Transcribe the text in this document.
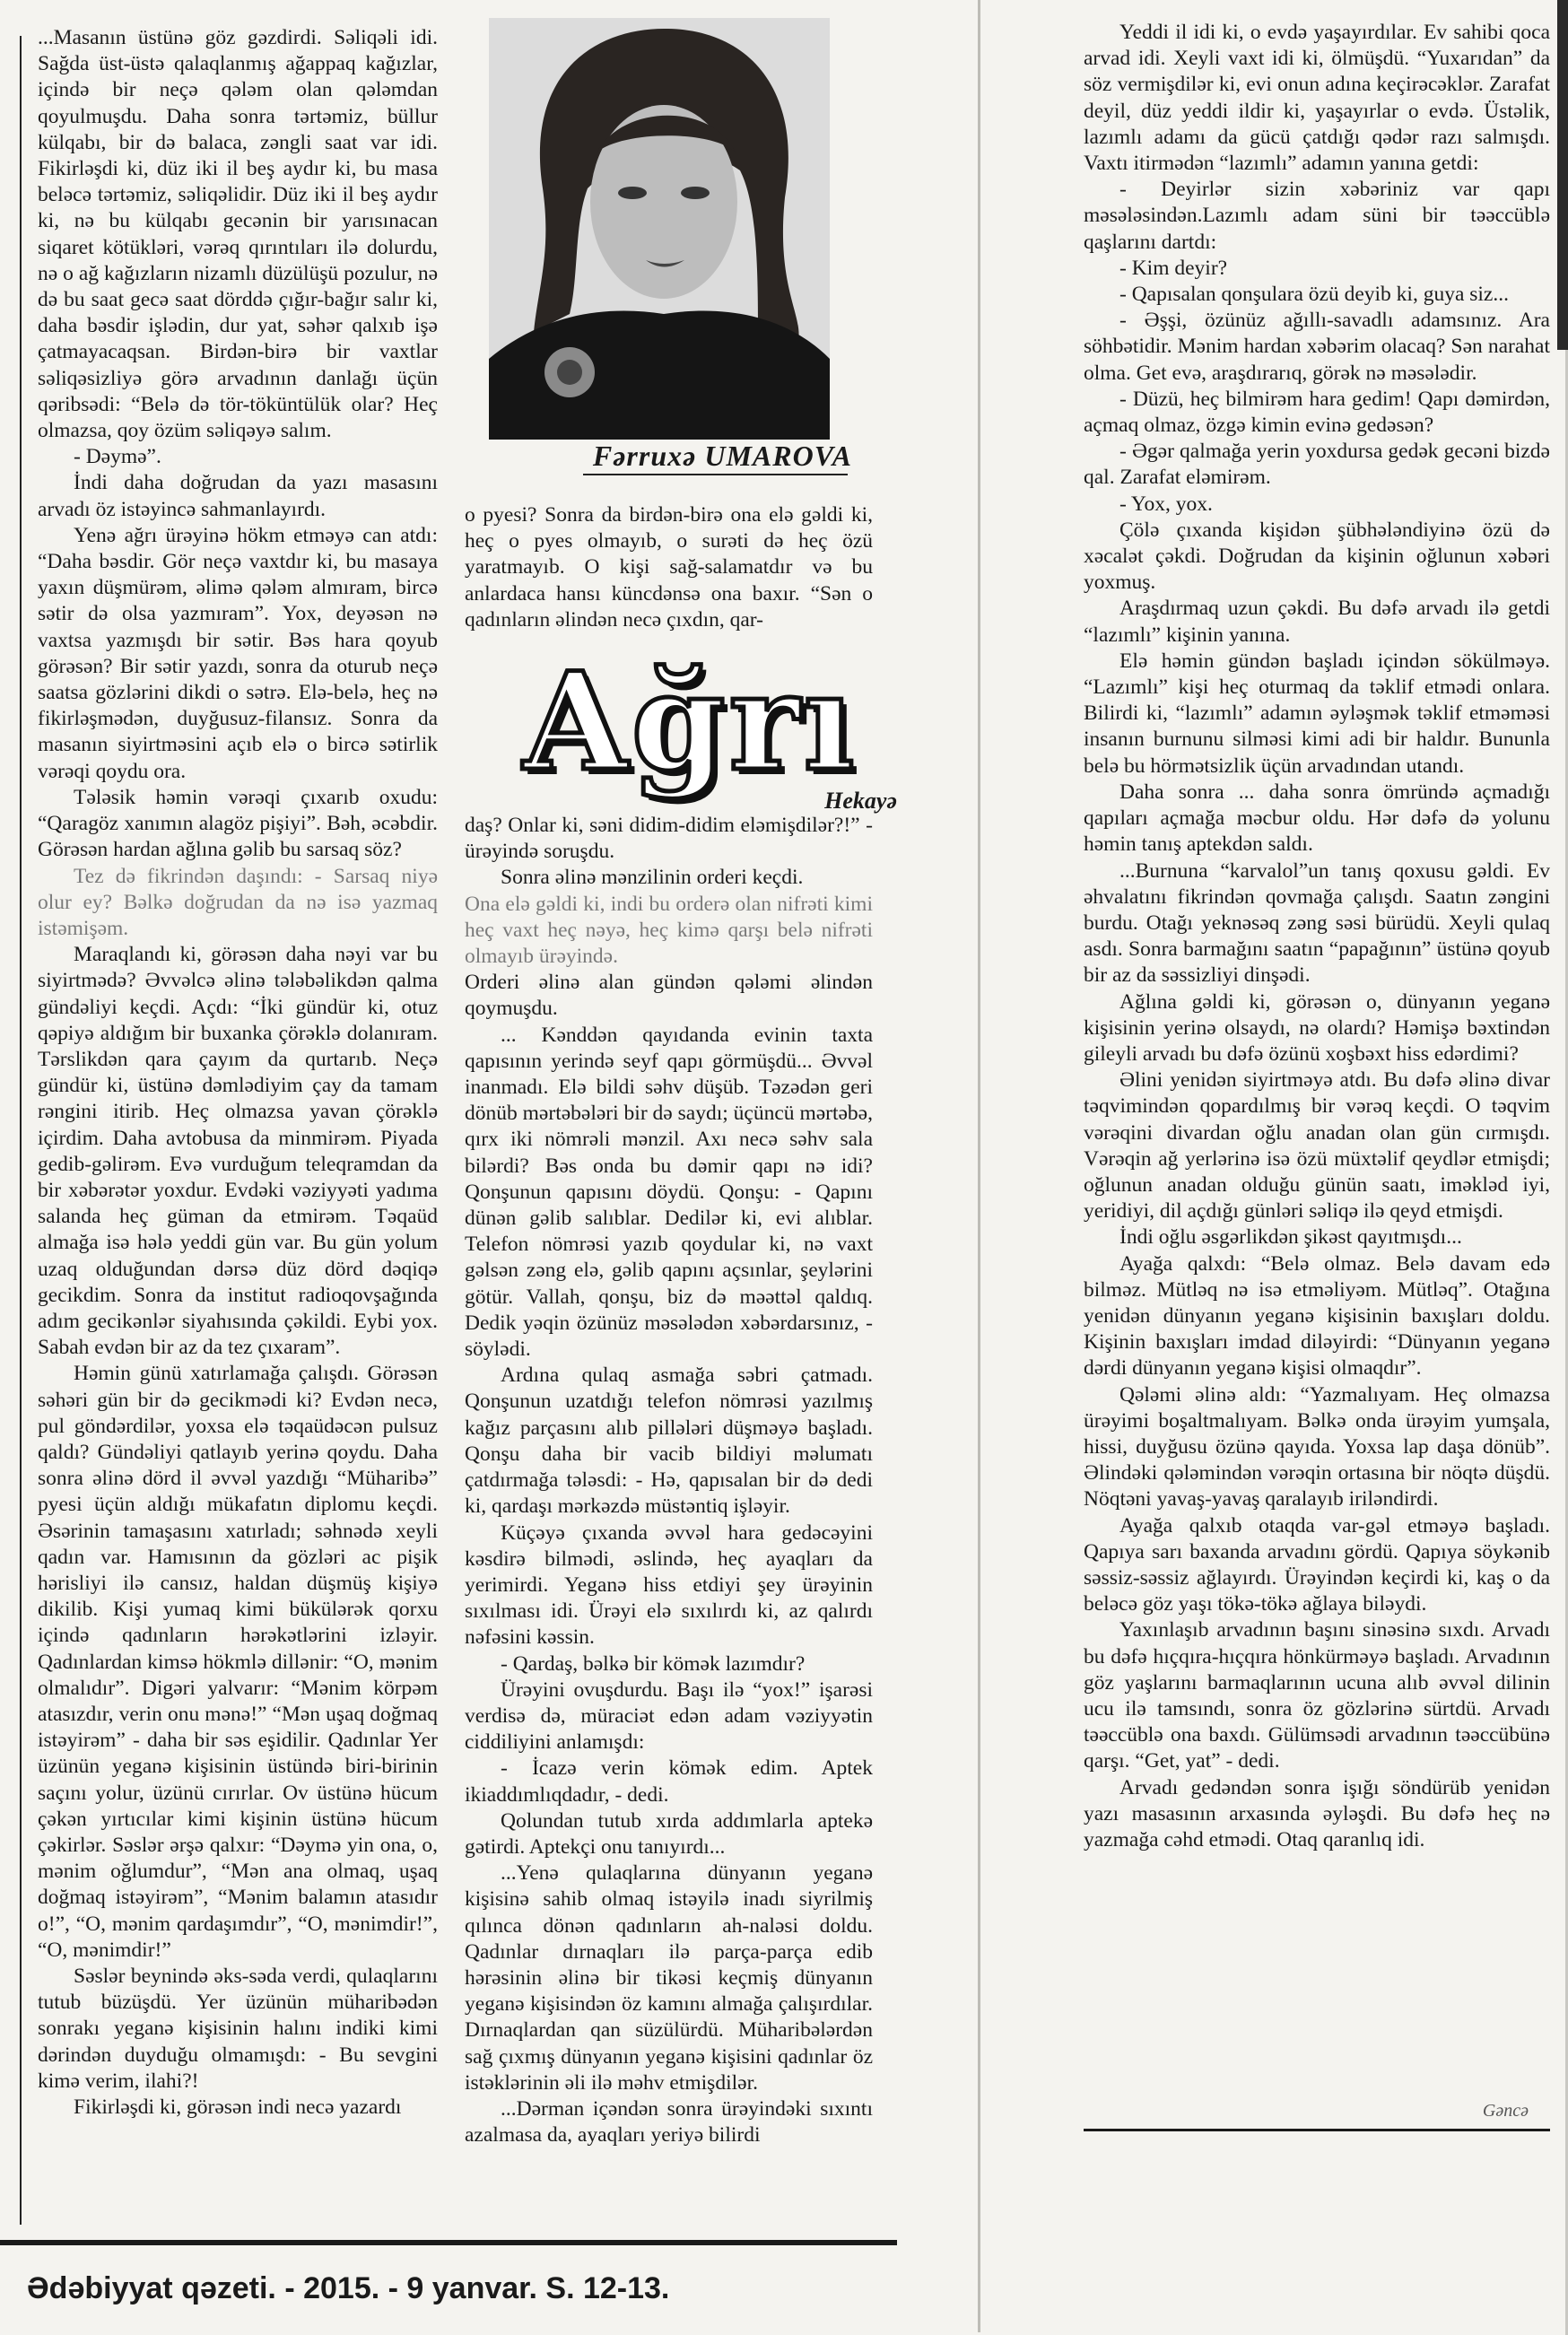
Fərruxə UMAROVA
Ağrı
Hekayə

...Masanın üstünə göz gəzdirdi. Səliqəli idi. Sağda üst-üstə qalaqlanmış ağappaq kağızlar, içində bir neçə qələm olan qələmdan qoyulmuşdu. Daha sonra tərtəmiz, büllur külqabı, bir də balaca, zəngli saat var idi. Fikirləşdi ki, düz iki il beş aydır ki, bu masa beləcə tərtəmiz, səliqəlidir. Düz iki il beş aydır ki, nə bu külqabı gecənin bir yarısınacan siqaret kötükləri, vərəq qırıntıları ilə dolurdu, nə o ağ kağızların nizamlı düzülüşü pozulur, nə də bu saat gecə saat dörddə çığır-bağır salır ki, daha bəsdir işlədin, dur yat, səhər qalxıb işə çatmayacaqsan. Birdən-birə bir vaxtlar səliqəsizliyə görə arvadının danlağı üçün qəribsədi: “Belə də tör-töküntülük olar? Heç olmazsa, qoy özüm səliqəyə salım.

- Dəymə”.

İndi daha doğrudan da yazı masasını arvadı öz istəyincə sahmanlayırdı.

Yenə ağrı ürəyinə hökm etməyə can atdı: “Daha bəsdir. Gör neçə vaxtdır ki, bu masaya yaxın düşmürəm, əlimə qələm almıram, bircə sətir də olsa yazmıram”. Yox, deyəsən nə vaxtsa yazmışdı bir sətir. Bəs hara qoyub görəsən? Bir sətir yazdı, sonra da oturub neçə saatsa gözlərini dikdi o sətrə. Elə-belə, heç nə fikirləşmədən, duyğusuz-filansız. Sonra da masanın siyirtməsini açıb elə o bircə sətirlik vərəqi qoydu ora.

Tələsik həmin vərəqi çıxarıb oxudu: “Qaragöz xanımın alagöz pişiyi”. Bəh, əcəbdir. Görəsən hardan ağlına gəlib bu sarsaq söz?

Tez də fikrindən daşındı: - Sarsaq niyə olur ey? Bəlkə doğrudan da nə isə yazmaq istəmişəm.

Maraqlandı ki, görəsən daha nəyi var bu siyirtmədə? Əvvəlcə əlinə tələbəlikdən qalma gündəliyi keçdi. Açdı: “İki gündür ki, otuz qəpiyə aldığım bir buxanka çörəklə dolanıram. Tərslikdən qara çayım da qurtarıb. Neçə gündür ki, üstünə dəmlədiyim çay da tamam rəngini itirib. Heç olmazsa yavan çörəklə içirdim. Daha avtobusa da minmirəm. Piyada gedib-gəlirəm. Evə vurduğum teleqramdan da bir xəbərətər yoxdur. Evdəki vəziyyəti yadıma salanda heç güman da etmirəm. Təqaüd almağa isə hələ yeddi gün var. Bu gün yolum uzaq olduğundan dərsə düz dörd dəqiqə gecikdim. Sonra da institut radioqovşağında adım gecikənlər siyahısında çəkildi. Eybi yox. Sabah evdən bir az da tez çıxaram”.

Həmin günü xatırlamağa çalışdı. Görəsən səhəri gün bir də gecikmədi ki? Evdən necə, pul göndərdilər, yoxsa elə təqaüdəcən pulsuz qaldı? Gündəliyi qatlayıb yerinə qoydu. Daha sonra əlinə dörd il əvvəl yazdığı “Müharibə” pyesi üçün aldığı mükafatın diplomu keçdi. Əsərinin tamaşasını xatırladı; səhnədə xeyli qadın var. Hamısının da gözləri ac pişik hərisliyi ilə cansız, haldan düşmüş kişiyə dikilib. Kişi yumaq kimi bükülərək qorxu içində qadınların hərəkətlərini izləyir. Qadınlardan kimsə hökmlə dillənir: “O, mənim olmalıdır”. Digəri yalvarır: “Mənim körpəm atasızdır, verin onu mənə!” “Mən uşaq doğmaq istəyirəm” - daha bir səs eşidilir. Qadınlar Yer üzünün yeganə kişisinin üstündə biri-birinin saçını yolur, üzünü cırırlar. Ov üstünə hücum çəkən yırtıcılar kimi kişinin üstünə hücum çəkirlər. Səslər ərşə qalxır: “Dəymə yin ona, o, mənim oğlumdur”, “Mən ana olmaq, uşaq doğmaq istəyirəm”, “Mənim balamın atasıdır o!”, “O, mənim qardaşımdır”, “O, mənimdir!”, “O, mənimdir!”

Səslər beynində əks-səda verdi, qulaqlarını tutub büzüşdü. Yer üzünün müharibədən sonrakı yeganə kişisinin halını indiki kimi dərindən duyduğu olmamışdı: - Bu sevgini kimə verim, ilahi?!

Fikirləşdi ki, görəsən indi necə yazardı

o pyesi? Sonra da birdən-birə ona elə gəldi ki, heç o pyes olmayıb, o surəti də heç özü yaratmayıb. O kişi sağ-salamatdır və bu anlardaca hansı küncdənsə ona baxır. “Sən o qadınların əlindən necə çıxdın, qar-

daş? Onlar ki, səni didim-didim eləmişdilər?!” - ürəyində soruşdu.

Sonra əlinə mənzilinin orderi keçdi.

Ona elə gəldi ki, indi bu orderə olan nifrəti kimi heç vaxt heç nəyə, heç kimə qarşı belə nifrəti olmayıb ürəyində.

Orderi əlinə alan gündən qələmi əlindən qoymuşdu.

... Kənddən qayıdanda evinin taxta qapısının yerində seyf qapı görmüşdü... Əvvəl inanmadı. Elə bildi səhv düşüb. Təzədən geri dönüb mərtəbələri bir də saydı; üçüncü mərtəbə, qırx iki nömrəli mənzil. Axı necə səhv sala bilərdi? Bəs onda bu dəmir qapı nə idi? Qonşunun qapısını döydü. Qonşu: - Qapını dünən gəlib salıblar. Dedilər ki, evi alıblar. Telefon nömrəsi yazıb qoydular ki, nə vaxt gəlsən zəng elə, gəlib qapını açsınlar, şeylərini götür. Vallah, qonşu, biz də məəttəl qaldıq. Dedik yəqin özünüz məsələdən xəbərdarsınız, - söylədi.

Ardına qulaq asmağa səbri çatmadı. Qonşunun uzatdığı telefon nömrəsi yazılmış kağız parçasını alıb pillələri düşməyə başladı. Qonşu daha bir vacib bildiyi məlumatı çatdırmağa tələsdi: - Hə, qapısalan bir də dedi ki, qardaşı mərkəzdə müstəntiq işləyir.

Küçəyə çıxanda əvvəl hara gedəcəyini kəsdirə bilmədi, əslində, heç ayaqları da yerimirdi. Yeganə hiss etdiyi şey ürəyinin sıxılması idi. Ürəyi elə sıxılırdı ki, az qalırdı nəfəsini kəssin.

- Qardaş, bəlkə bir kömək lazımdır?

Ürəyini ovuşdurdu. Başı ilə “yox!” işarəsi verdisə də, müraciət edən adam vəziyyətin ciddiliyini anlamışdı:

- İcazə verin kömək edim. Aptek ikiaddımlıqdadır, - dedi.

Qolundan tutub xırda addımlarla aptekə gətirdi. Aptekçi onu tanıyırdı...

...Yenə qulaqlarına dünyanın yeganə kişisinə sahib olmaq istəyilə inadı siyrilmiş qılınca dönən qadınların ah-naləsi doldu. Qadınlar dırnaqları ilə parça-parça edib hərəsinin əlinə bir tikəsi keçmiş dünyanın yeganə kişisindən öz kamını almağa çalışırdılar. Dırnaqlardan qan süzülürdü. Müharibələrdən sağ çıxmış dünyanın yeganə kişisini qadınlar öz istəklərinin əli ilə məhv etmişdilər.

...Dərman içəndən sonra ürəyindəki sıxıntı azalmasa da, ayaqları yeriyə bilirdi

Yeddi il idi ki, o evdə yaşayırdılar. Ev sahibi qoca arvad idi. Xeyli vaxt idi ki, ölmüşdü. “Yuxarıdan” da söz vermişdilər ki, evi onun adına keçirəcəklər. Zarafat deyil, düz yeddi ildir ki, yaşayırlar o evdə. Üstəlik, lazımlı adamı da gücü çatdığı qədər razı salmışdı. Vaxtı itirmədən “lazımlı” adamın yanına getdi:

- Deyirlər sizin xəbəriniz var qapı məsələsindən.Lazımlı adam süni bir təəccüblə qaşlarını dartdı:

- Kim deyir?

- Qapısalan qonşulara özü deyib ki, guya siz...

- Əşşi, özünüz ağıllı-savadlı adamsınız. Ara söhbətidir. Mənim hardan xəbərim olacaq? Sən narahat olma. Get evə, araşdırarıq, görək nə məsələdir.

- Düzü, heç bilmirəm hara gedim! Qapı dəmirdən, açmaq olmaz, özgə kimin evinə gedəsən?

- Əgər qalmağa yerin yoxdursa gedək gecəni bizdə qal. Zarafat eləmirəm.

- Yox, yox.

Çölə çıxanda kişidən şübhələndiyinə özü də xəcalət çəkdi. Doğrudan da kişinin oğlunun xəbəri yoxmuş.

Araşdırmaq uzun çəkdi. Bu dəfə arvadı ilə getdi “lazımlı” kişinin yanına.

Elə həmin gündən başladı içindən sökülməyə. “Lazımlı” kişi heç oturmaq da təklif etmədi onlara. Bilirdi ki, “lazımlı” adamın əyləşmək təklif etməməsi insanın burnunu silməsi kimi adi bir haldır. Bununla belə bu hörmətsizlik üçün arvadından utandı.

Daha sonra ... daha sonra ömründə açmadığı qapıları açmağa məcbur oldu. Hər dəfə də yolunu həmin tanış aptekdən saldı.

...Burnuna “karvalol”un tanış qoxusu gəldi. Ev əhvalatını fikrindən qovmağa çalışdı. Saatın zəngini burdu. Otağı yeknəsəq zəng səsi bürüdü. Xeyli qulaq asdı. Sonra barmağını saatın “papağının” üstünə qoyub bir az da səssizliyi dinşədi.

Ağlına gəldi ki, görəsən o, dünyanın yeganə kişisinin yerinə olsaydı, nə olardı? Həmişə bəxtindən gileyli arvadı bu dəfə özünü xoşbəxt hiss edərdimi?

Əlini yenidən siyirtməyə atdı. Bu dəfə əlinə divar təqvimindən qopardılmış bir vərəq keçdi. O təqvim vərəqini divardan oğlu anadan olan gün cırmışdı. Vərəqin ağ yerlərinə isə özü müxtəlif qeydlər etmişdi; oğlunun anadan olduğu günün saatı, iməkləd iyi, yeridiyi, dil açdığı günləri səliqə ilə qeyd etmişdi.

İndi oğlu əsgərlikdən şikəst qayıtmışdı...

Ayağa qalxdı: “Belə olmaz. Belə davam edə bilməz. Mütləq nə isə etməliyəm. Mütləq”. Otağına yenidən dünyanın yeganə kişisinin baxışları doldu. Kişinin baxışları imdad diləyirdi: “Dünyanın yeganə dərdi dünyanın yeganə kişisi olmaqdır”.

Qələmi əlinə aldı: “Yazmalıyam. Heç olmazsa ürəyimi boşaltmalıyam. Bəlkə onda ürəyim yumşala, hissi, duyğusu özünə qayıda. Yoxsa lap daşa dönüb”. Əlindəki qələmindən vərəqin ortasına bir nöqtə düşdü. Nöqtəni yavaş-yavaş qaralayıb iriləndirdi.

Ayağa qalxıb otaqda var-gəl etməyə başladı. Qapıya sarı baxanda arvadını gördü. Qapıya söykənib səssiz-səssiz ağlayırdı. Ürəyindən keçirdi ki, kaş o da beləcə göz yaşı tökə-tökə ağlaya biləydi.

Yaxınlaşıb arvadının başını sinəsinə sıxdı. Arvadı bu dəfə hıçqıra-hıçqıra hönkürməyə başladı. Arvadının göz yaşlarını barmaqlarının ucuna alıb əvvəl dilinin ucu ilə tamsındı, sonra öz gözlərinə sürtdü. Arvadı təəccüblə ona baxdı. Gülümsədi arvadının təəccübünə qarşı. “Get, yat” - dedi.

Arvadı gedəndən sonra işığı söndürüb yenidən yazı masasının arxasında əyləşdi. Bu dəfə heç nə yazmağa cəhd etmədi. Otaq qaranlıq idi.

Gəncə
Ədəbiyyat qəzeti. - 2015. - 9 yanvar. S. 12-13.
